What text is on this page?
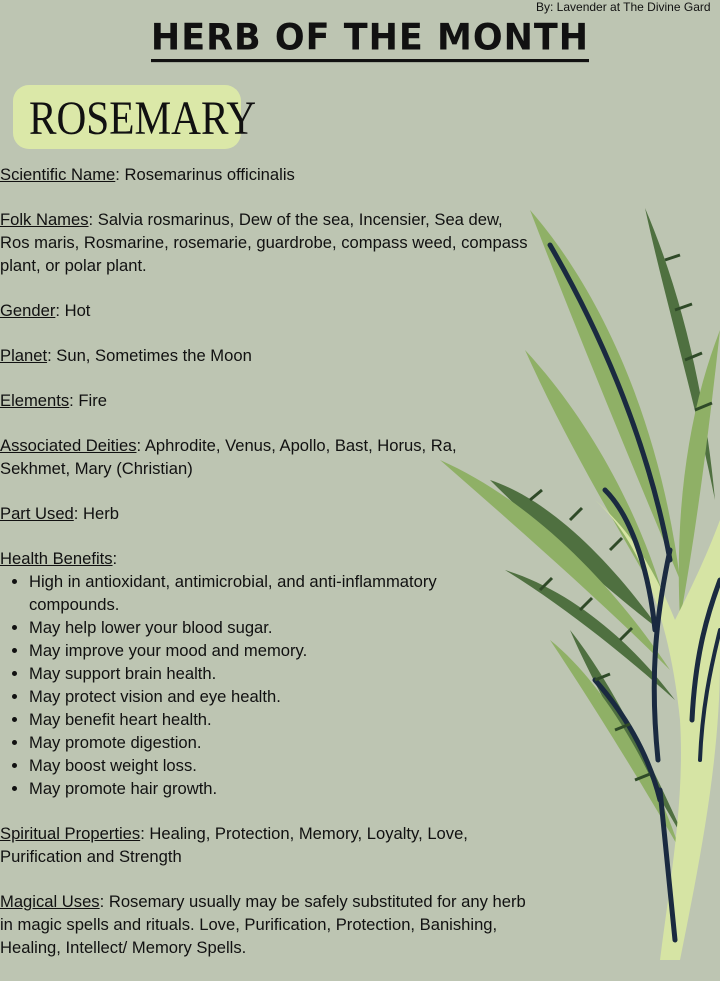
By: Lavender at The Divine Gard
HERB OF THE MONTH
ROSEMARY

Scientific Name: Rosemarinus officinalis

Folk Names: Salvia rosmarinus, Dew of the sea, Incensier, Sea dew, Ros maris, Rosmarine, rosemarie, guardrobe, compass weed, compass plant, or polar plant.

Gender: Hot

Planet: Sun, Sometimes the Moon

Elements: Fire

Associated Deities: Aphrodite, Venus, Apollo, Bast, Horus, Ra, Sekhmet, Mary (Christian)

Part Used: Herb

Health Benefits:

• High in antioxidant, antimicrobial, and anti-inflammatory compounds.
• May help lower your blood sugar.
• May improve your mood and memory.
• May support brain health.
• May protect vision and eye health.
• May benefit heart health.
• May promote digestion.
• May boost weight loss.
• May promote hair growth.

Spiritual Properties: Healing, Protection, Memory, Loyalty, Love, Purification and Strength

Magical Uses: Rosemary usually may be safely substituted for any herb in magic spells and rituals. Love, Purification, Protection, Banishing, Healing, Intellect/ Memory Spells.
